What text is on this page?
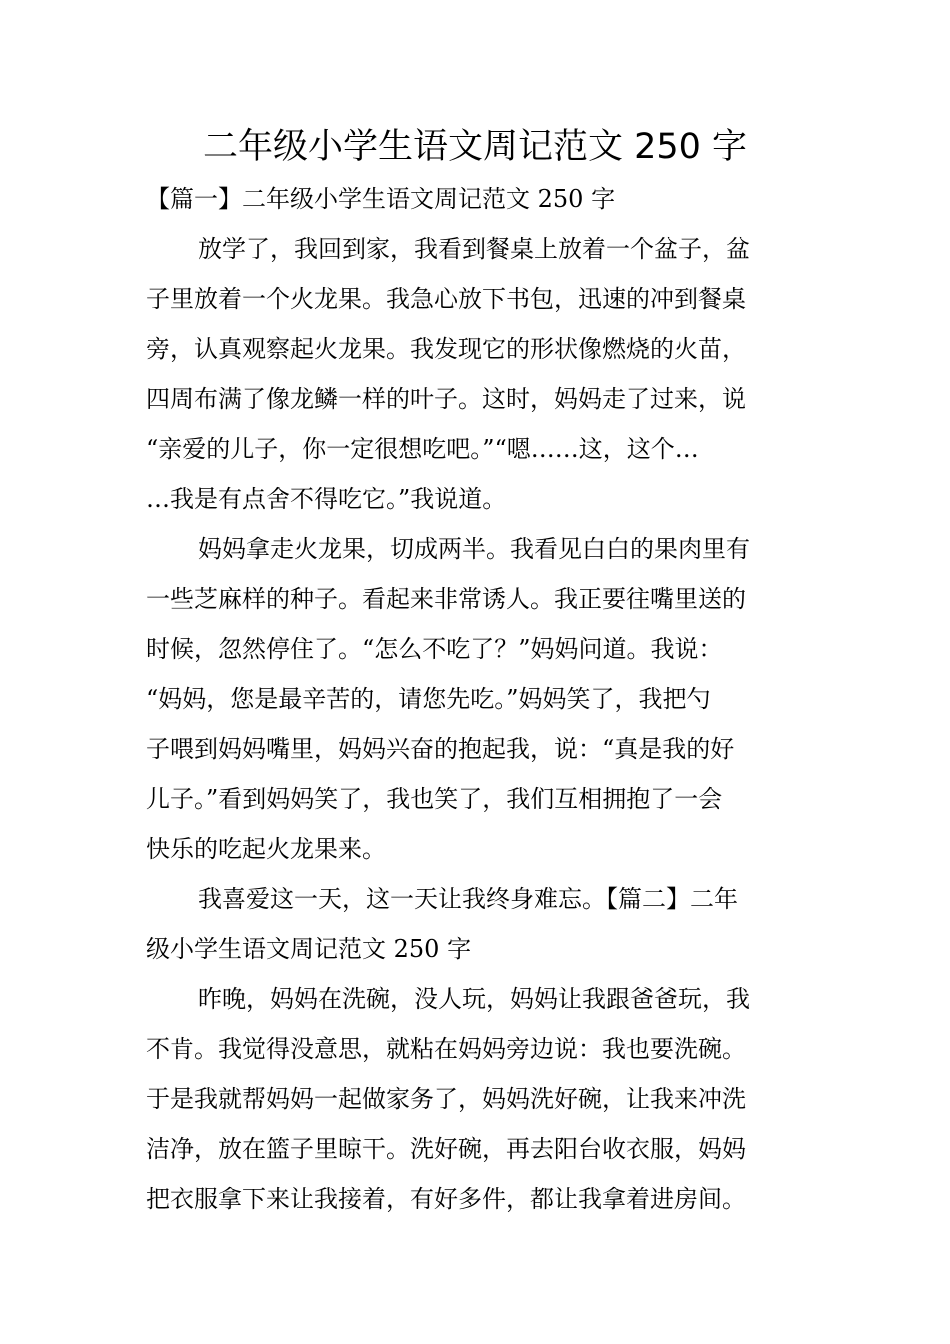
二年级小学生语文周记范文 250 字
【篇一】二年级小学生语文周记范文 250 字
放学了，我回到家，我看到餐桌上放着一个盆子，盆
子里放着一个火龙果。我急心放下书包，迅速的冲到餐桌
旁，认真观察起火龙果。我发现它的形状像燃烧的火苗，
四周布满了像龙鳞一样的叶子。这时，妈妈走了过来，说
“亲爱的儿子，你一定很想吃吧。”“嗯……这，这个…
…我是有点舍不得吃它。”我说道。
妈妈拿走火龙果，切成两半。我看见白白的果肉里有
一些芝麻样的种子。看起来非常诱人。我正要往嘴里送的
时候，忽然停住了。“怎么不吃了？”妈妈问道。我说：
“妈妈，您是最辛苦的，请您先吃。”妈妈笑了，我把勺
子喂到妈妈嘴里，妈妈兴奋的抱起我，说：“真是我的好
儿子。”看到妈妈笑了，我也笑了，我们互相拥抱了一会
快乐的吃起火龙果来。
我喜爱这一天，这一天让我终身难忘。【篇二】二年
级小学生语文周记范文 250 字
昨晚，妈妈在洗碗，没人玩，妈妈让我跟爸爸玩，我
不肯。我觉得没意思，就粘在妈妈旁边说：我也要洗碗。
于是我就帮妈妈一起做家务了，妈妈洗好碗，让我来冲洗
洁净，放在篮子里晾干。洗好碗，再去阳台收衣服，妈妈
把衣服拿下来让我接着，有好多件，都让我拿着进房间。
